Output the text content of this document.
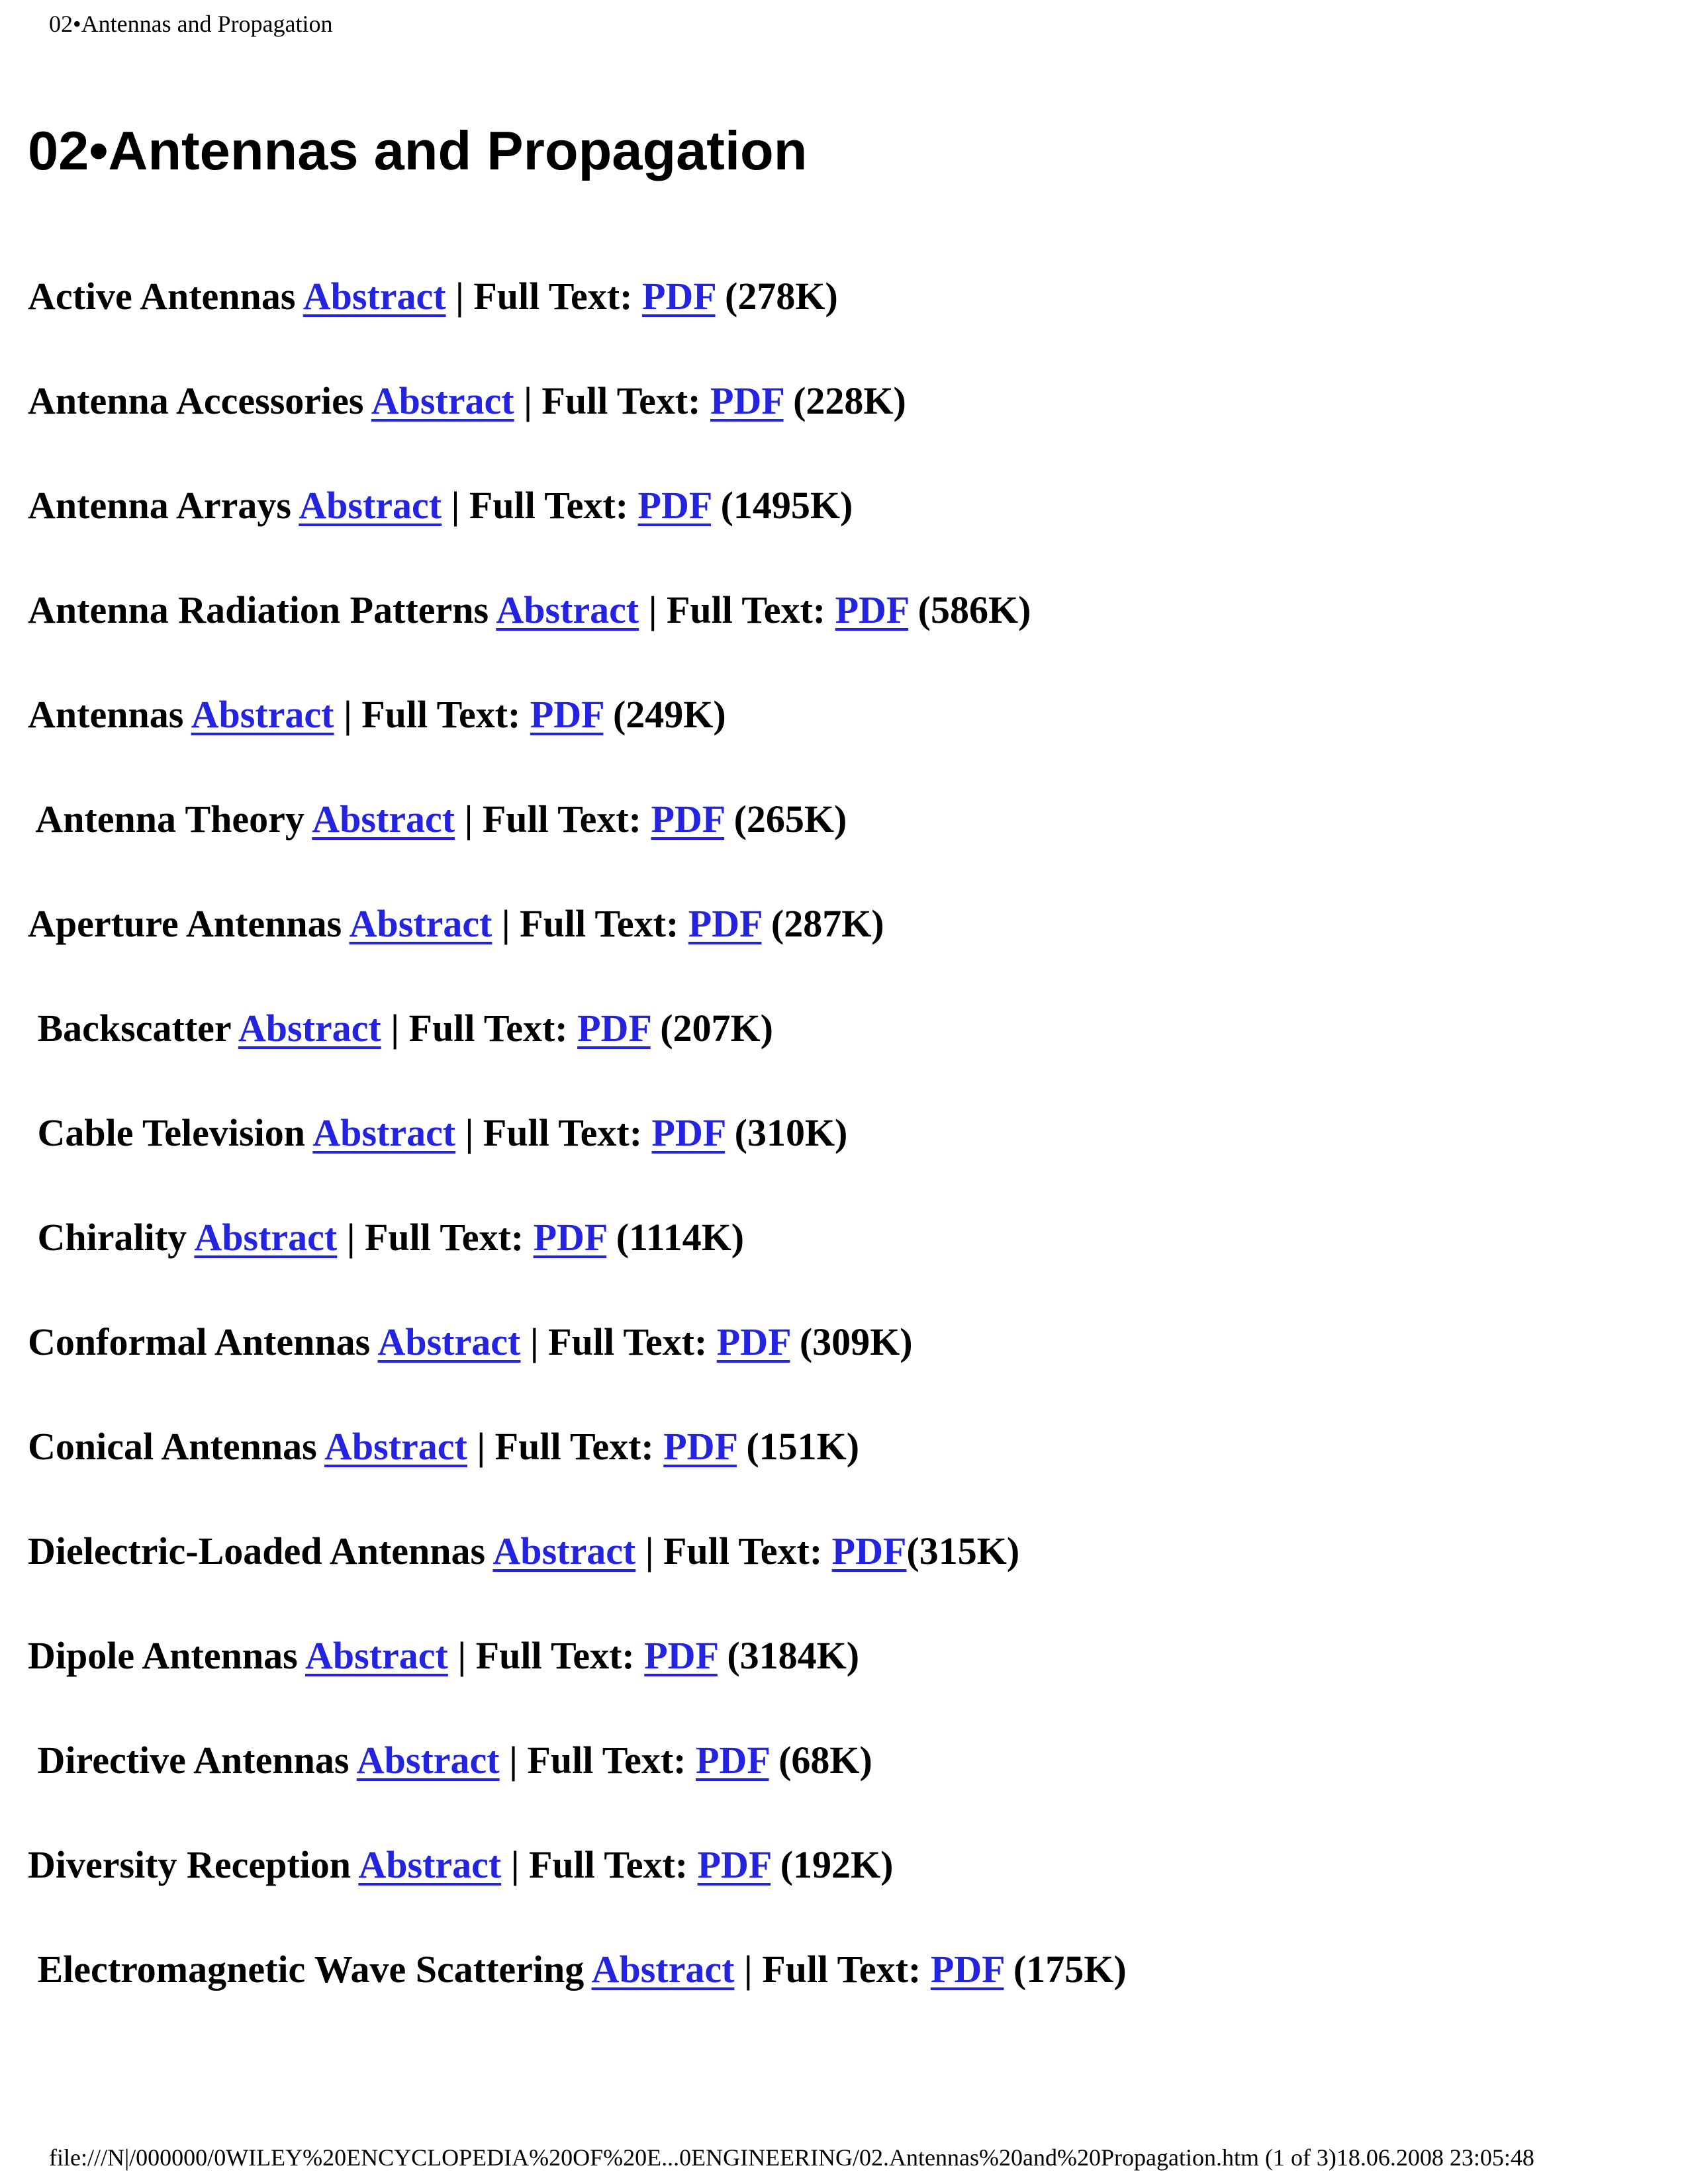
02•Antennas and Propagation
02•Antennas and Propagation
Active Antennas Abstract | Full Text: PDF (278K)
Antenna Accessories Abstract | Full Text: PDF (228K)
Antenna Arrays Abstract | Full Text: PDF (1495K)
Antenna Radiation Patterns Abstract | Full Text: PDF (586K)
Antennas Abstract | Full Text: PDF (249K)
Antenna Theory Abstract | Full Text: PDF (265K)
Aperture Antennas Abstract | Full Text: PDF (287K)
Backscatter Abstract | Full Text: PDF (207K)
Cable Television Abstract | Full Text: PDF (310K)
Chirality Abstract | Full Text: PDF (1114K)
Conformal Antennas Abstract | Full Text: PDF (309K)
Conical Antennas Abstract | Full Text: PDF (151K)
Dielectric-Loaded Antennas Abstract | Full Text: PDF(315K)
Dipole Antennas Abstract | Full Text: PDF (3184K)
Directive Antennas Abstract | Full Text: PDF (68K)
Diversity Reception Abstract | Full Text: PDF (192K)
Electromagnetic Wave Scattering Abstract | Full Text: PDF (175K)
file:///N|/000000/0WILEY%20ENCYCLOPEDIA%20OF%20E...0ENGINEERING/02.Antennas%20and%20Propagation.htm (1 of 3)18.06.2008 23:05:48
